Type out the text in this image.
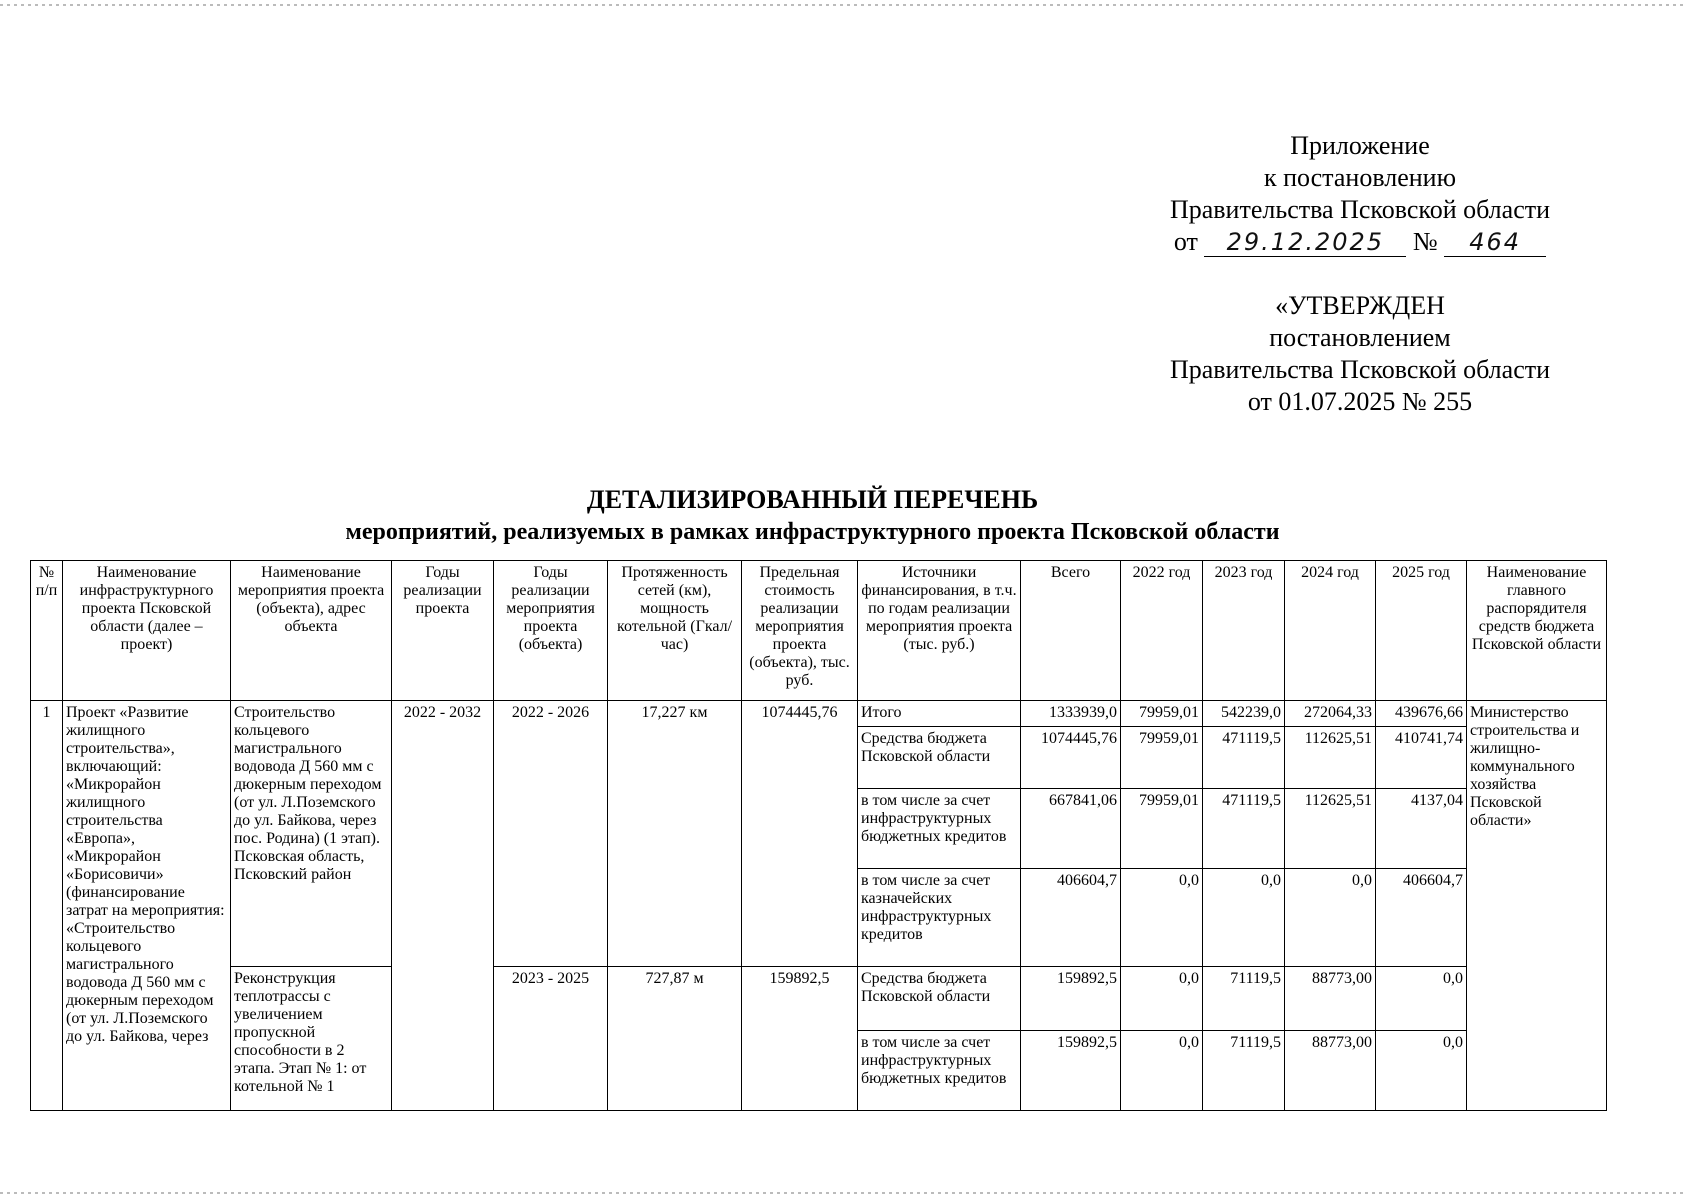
Приложение
к постановлению
Правительства Псковской области
от 29.12.2025 № 464
«УТВЕРЖДЕН
постановлением
Правительства Псковской области
от 01.07.2025 № 255
ДЕТАЛИЗИРОВАННЫЙ ПЕРЕЧЕНЬ
мероприятий, реализуемых в рамках инфраструктурного проекта Псковской области
№ п/п	Наименование инфраструктурного проекта Псковской области (далее – проект)	Наименование мероприятия проекта (объекта), адрес объекта	Годы реализации проекта	Годы реализации мероприятия проекта (объекта)	Протяженность сетей (км), мощность котельной (Гкал/час)	Предельная стоимость реализации мероприятия проекта (объекта), тыс. руб.	Источники финансирования, в т.ч. по годам реализации мероприятия проекта (тыс. руб.)	Всего	2022 год	2023 год	2024 год	2025 год	Наименование главного распорядителя средств бюджета Псковской области
1	Проект «Развитие жилищного строительства», включающий: «Микрорайон жилищного строительства «Европа», «Микрорайон «Борисовичи» (финансирование затрат на мероприятия: «Строительство кольцевого магистрального водовода Д 560 мм с дюкерным переходом (от ул. Л.Поземского до ул. Байкова, через	Строительство кольцевого магистрального водовода Д 560 мм с дюкерным переходом (от ул. Л.Поземского до ул. Байкова, через пос. Родина) (1 этап). Псковская область, Псковский район	2022 - 2032	2022 - 2026	17,227 км	1074445,76	Итого	1333939,0	79959,01	542239,0	272064,33	439676,66	Министерство строительства и жилищно-коммунального хозяйства Псковской области»
							Средства бюджета Псковской области	1074445,76	79959,01	471119,5	112625,51	410741,74	
							в том числе за счет инфраструктурных бюджетных кредитов	667841,06	79959,01	471119,5	112625,51	4137,04	
							в том числе за счет казначейских инфраструктурных кредитов	406604,7	0,0	0,0	0,0	406604,7	

		Реконструкция теплотрассы с увеличением пропускной способности в 2 этапа. Этап № 1: от котельной № 1		2023 - 2025	727,87 м	159892,5	Средства бюджета Псковской области	159892,5	0,0	71119,5	88773,00	0,0	
							в том числе за счет инфраструктурных бюджетных кредитов	159892,5	0,0	71119,5	88773,00	0,0	
